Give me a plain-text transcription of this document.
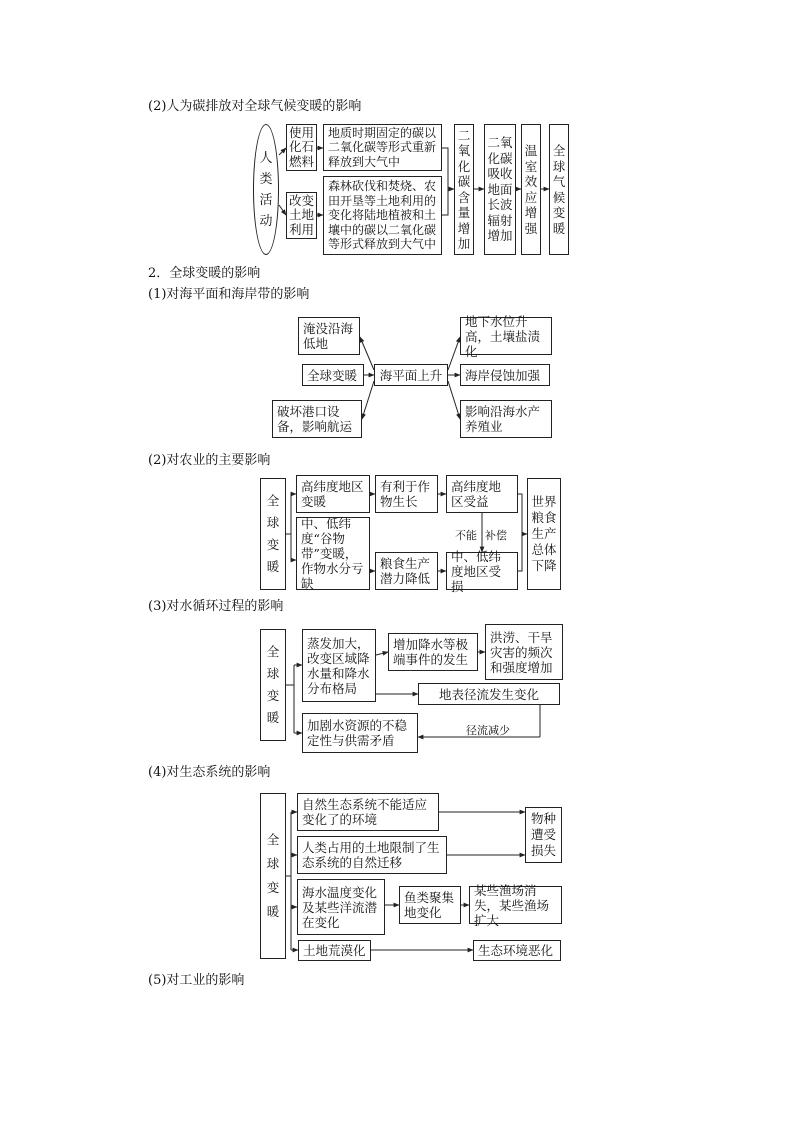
(2)人为碳排放对全球气候变暖的影响
2．全球变暖的影响
(1)对海平面和海岸带的影响
(2)对农业的主要影响
(3)对水循环过程的影响
(4)对生态系统的影响
(5)对工业的影响
人类活动
使用化石燃料
改变土地利用
地质时期固定的碳以二氧化碳等形式重新释放到大气中
森林砍伐和焚烧、农田开垦等土地利用的变化将陆地植被和土壤中的碳以二氧化碳等形式释放到大气中
二氧化碳含量增加
二氧化碳吸收地面长波辐射增加
温室效应增强
全球气候变暖
淹没沿海低地
全球变暖
破坏港口设备，影响航运
海平面上升
地下水位升高，土壤盐渍化
海岸侵蚀加强
影响沿海水产养殖业
全球变暖
高纬度地区变暖
有利于作物生长
高纬度地区受益
中、低纬度“谷物带”变暖，作物水分亏缺
粮食生产潜力降低
中、低纬度地区受损
世界粮食生产总体下降
不能 补偿
全球变暖
蒸发加大，改变区域降水量和降水分布格局
增加降水等极端事件的发生
洪涝、干旱灾害的频次和强度增加
地表径流发生变化
加剧水资源的不稳定性与供需矛盾
径流减少
全球变暖
自然生态系统不能适应变化了的环境
人类占用的土地限制了生态系统的自然迁移
物种遭受损失
海水温度变化及某些洋流潜在变化
鱼类聚集地变化
某些渔场消失，某些渔场扩大
土地荒漠化	生态环境恶化
